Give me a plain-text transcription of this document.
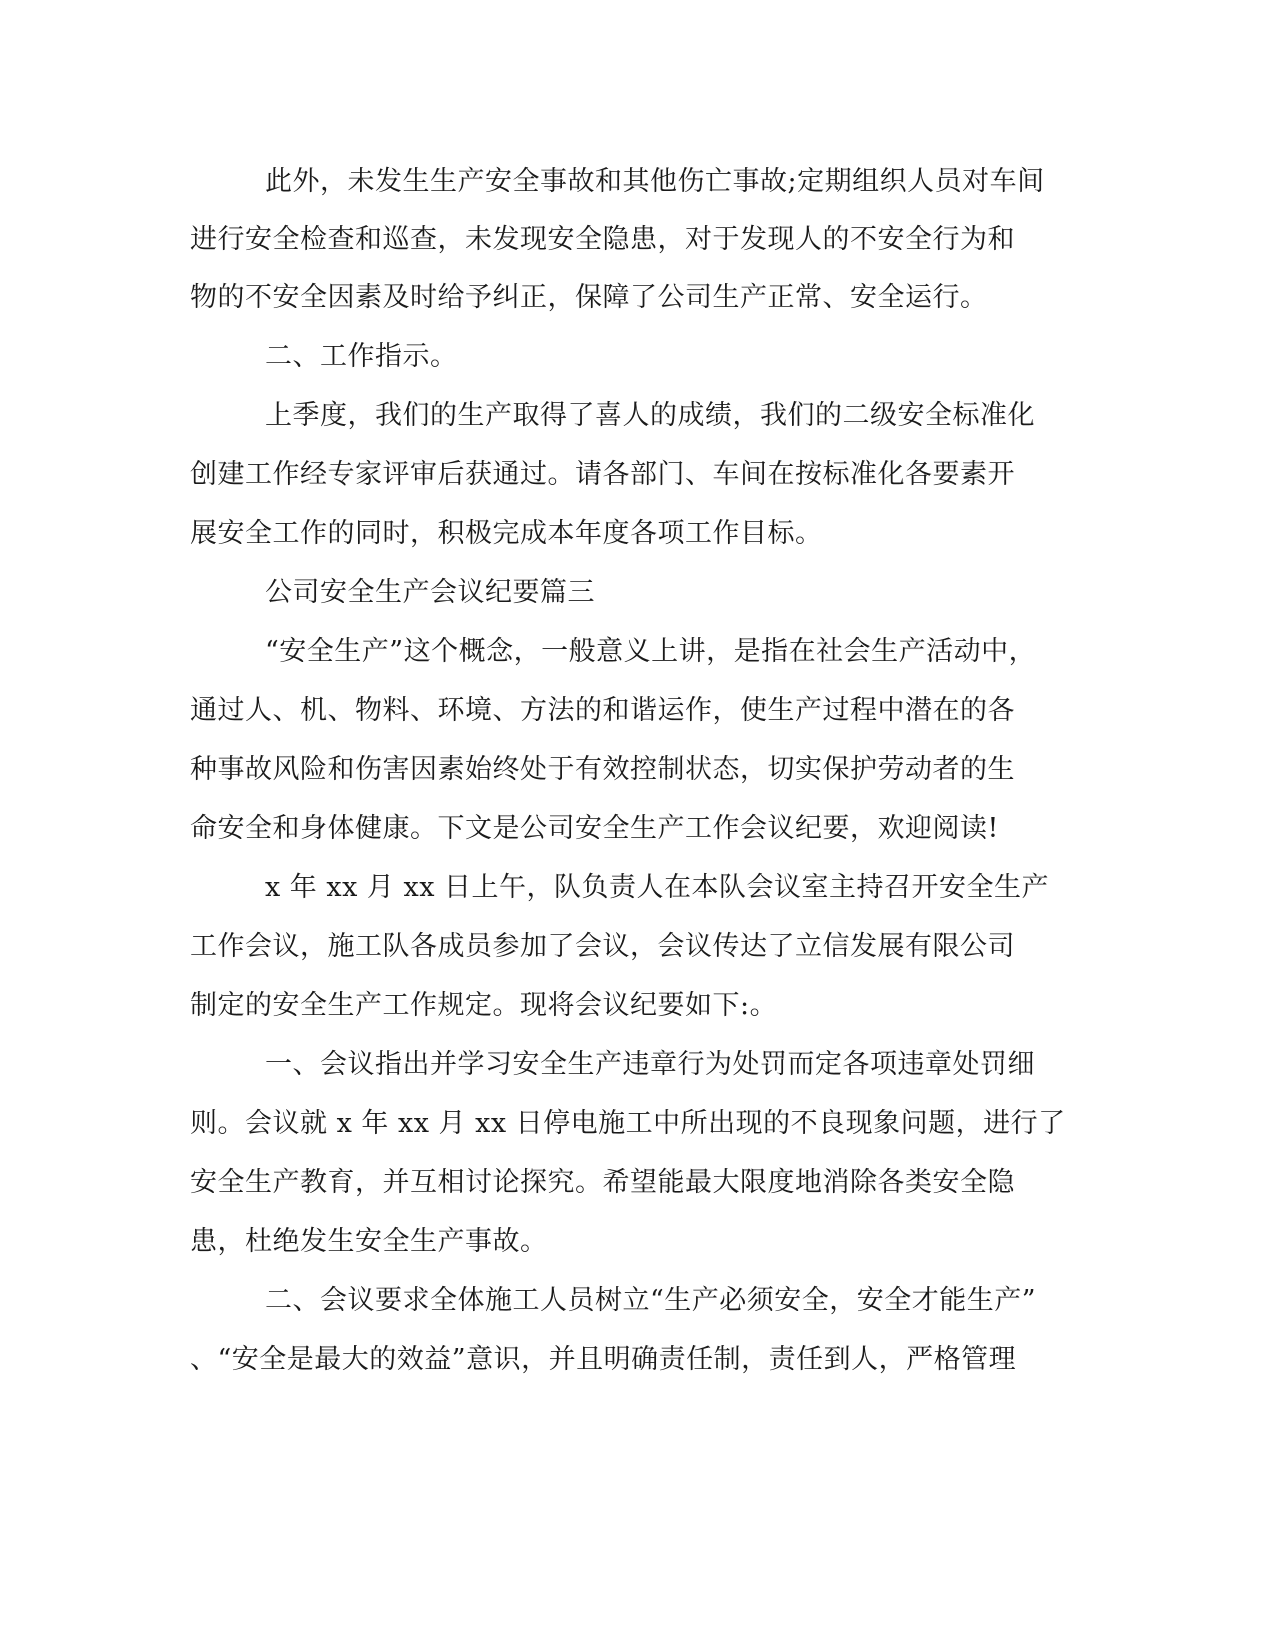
此外，未发生生产安全事故和其他伤亡事故;定期组织人员对车间

进行安全检查和巡查，未发现安全隐患，对于发现人的不安全行为和

物的不安全因素及时给予纠正，保障了公司生产正常、安全运行。

二、工作指示。

上季度，我们的生产取得了喜人的成绩，我们的二级安全标准化

创建工作经专家评审后获通过。请各部门、车间在按标准化各要素开

展安全工作的同时，积极完成本年度各项工作目标。

公司安全生产会议纪要篇三

“安全生产”这个概念，一般意义上讲，是指在社会生产活动中，

通过人、机、物料、环境、方法的和谐运作，使生产过程中潜在的各

种事故风险和伤害因素始终处于有效控制状态，切实保护劳动者的生

命安全和身体健康。下文是公司安全生产工作会议纪要，欢迎阅读!

x 年 xx 月 xx 日上午，队负责人在本队会议室主持召开安全生产

工作会议，施工队各成员参加了会议，会议传达了立信发展有限公司

制定的安全生产工作规定。现将会议纪要如下:。

一、会议指出并学习安全生产违章行为处罚而定各项违章处罚细

则。会议就 x 年 xx 月 xx 日停电施工中所出现的不良现象问题，进行了

安全生产教育，并互相讨论探究。希望能最大限度地消除各类安全隐

患，杜绝发生安全生产事故。

二、会议要求全体施工人员树立“生产必须安全，安全才能生产”

、“安全是最大的效益”意识，并且明确责任制，责任到人，严格管理
